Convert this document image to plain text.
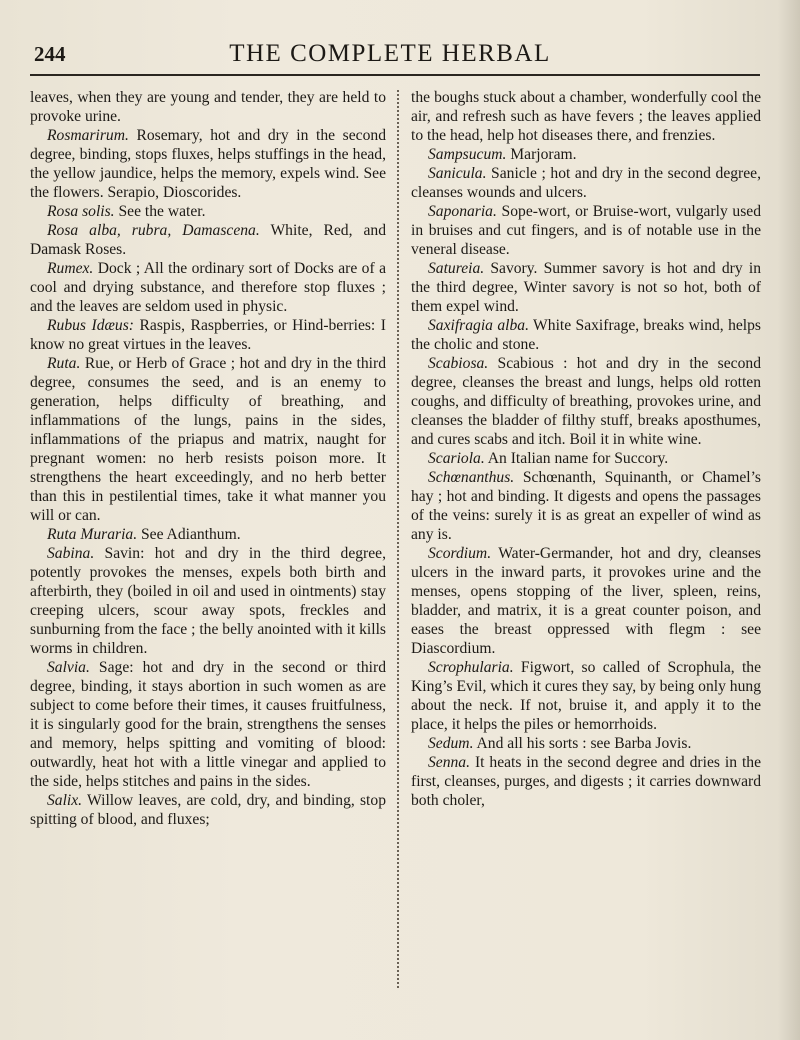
244	THE COMPLETE HERBAL

leaves, when they are young and tender, they are held to provoke urine.

Rosmarirum. Rosemary, hot and dry in the second degree, binding, stops fluxes, helps stuffings in the head, the yellow jaundice, helps the memory, expels wind. See the flowers. Serapio, Dioscorides.

Rosa solis. See the water.

Rosa alba, rubra, Damascena. White, Red, and Damask Roses.

Rumex. Dock ; All the ordinary sort of Docks are of a cool and drying substance, and therefore stop fluxes ; and the leaves are seldom used in physic.

Rubus Idæus: Raspis, Raspberries, or Hind-berries: I know no great virtues in the leaves.

Ruta. Rue, or Herb of Grace ; hot and dry in the third degree, consumes the seed, and is an enemy to generation, helps difficulty of breathing, and inflammations of the lungs, pains in the sides, inflammations of the priapus and matrix, naught for pregnant women: no herb resists poison more. It strengthens the heart exceedingly, and no herb better than this in pestilential times, take it what manner you will or can.

Ruta Muraria. See Adianthum.

Sabina. Savin: hot and dry in the third degree, potently provokes the menses, expels both birth and afterbirth, they (boiled in oil and used in ointments) stay creeping ulcers, scour away spots, freckles and sunburning from the face ; the belly anointed with it kills worms in children.

Salvia. Sage: hot and dry in the second or third degree, binding, it stays abortion in such women as are subject to come before their times, it causes fruitfulness, it is singularly good for the brain, strengthens the senses and memory, helps spitting and vomiting of blood: outwardly, heat hot with a little vinegar and applied to the side, helps stitches and pains in the sides.

Salix. Willow leaves, are cold, dry, and binding, stop spitting of blood, and fluxes;

the boughs stuck about a chamber, wonderfully cool the air, and refresh such as have fevers ; the leaves applied to the head, help hot diseases there, and frenzies.

Sampsucum. Marjoram.

Sanicula. Sanicle ; hot and dry in the second degree, cleanses wounds and ulcers.

Saponaria. Sope-wort, or Bruise-wort, vulgarly used in bruises and cut fingers, and is of notable use in the veneral disease.

Satureia. Savory. Summer savory is hot and dry in the third degree, Winter savory is not so hot, both of them expel wind.

Saxifragia alba. White Saxifrage, breaks wind, helps the cholic and stone.

Scabiosa. Scabious : hot and dry in the second degree, cleanses the breast and lungs, helps old rotten coughs, and difficulty of breathing, provokes urine, and cleanses the bladder of filthy stuff, breaks aposthumes, and cures scabs and itch. Boil it in white wine.

Scariola. An Italian name for Succory.

Schœnanthus. Schœnanth, Squinanth, or Chamel’s hay ; hot and binding. It digests and opens the passages of the veins: surely it is as great an expeller of wind as any is.

Scordium. Water-Germander, hot and dry, cleanses ulcers in the inward parts, it provokes urine and the menses, opens stopping of the liver, spleen, reins, bladder, and matrix, it is a great counter poison, and eases the breast oppressed with flegm : see Diascordium.

Scrophularia. Figwort, so called of Scrophula, the King’s Evil, which it cures they say, by being only hung about the neck. If not, bruise it, and apply it to the place, it helps the piles or hemorrhoids.

Sedum. And all his sorts : see Barba Jovis.

Senna. It heats in the second degree and dries in the first, cleanses, purges, and digests ; it carries downward both choler,
